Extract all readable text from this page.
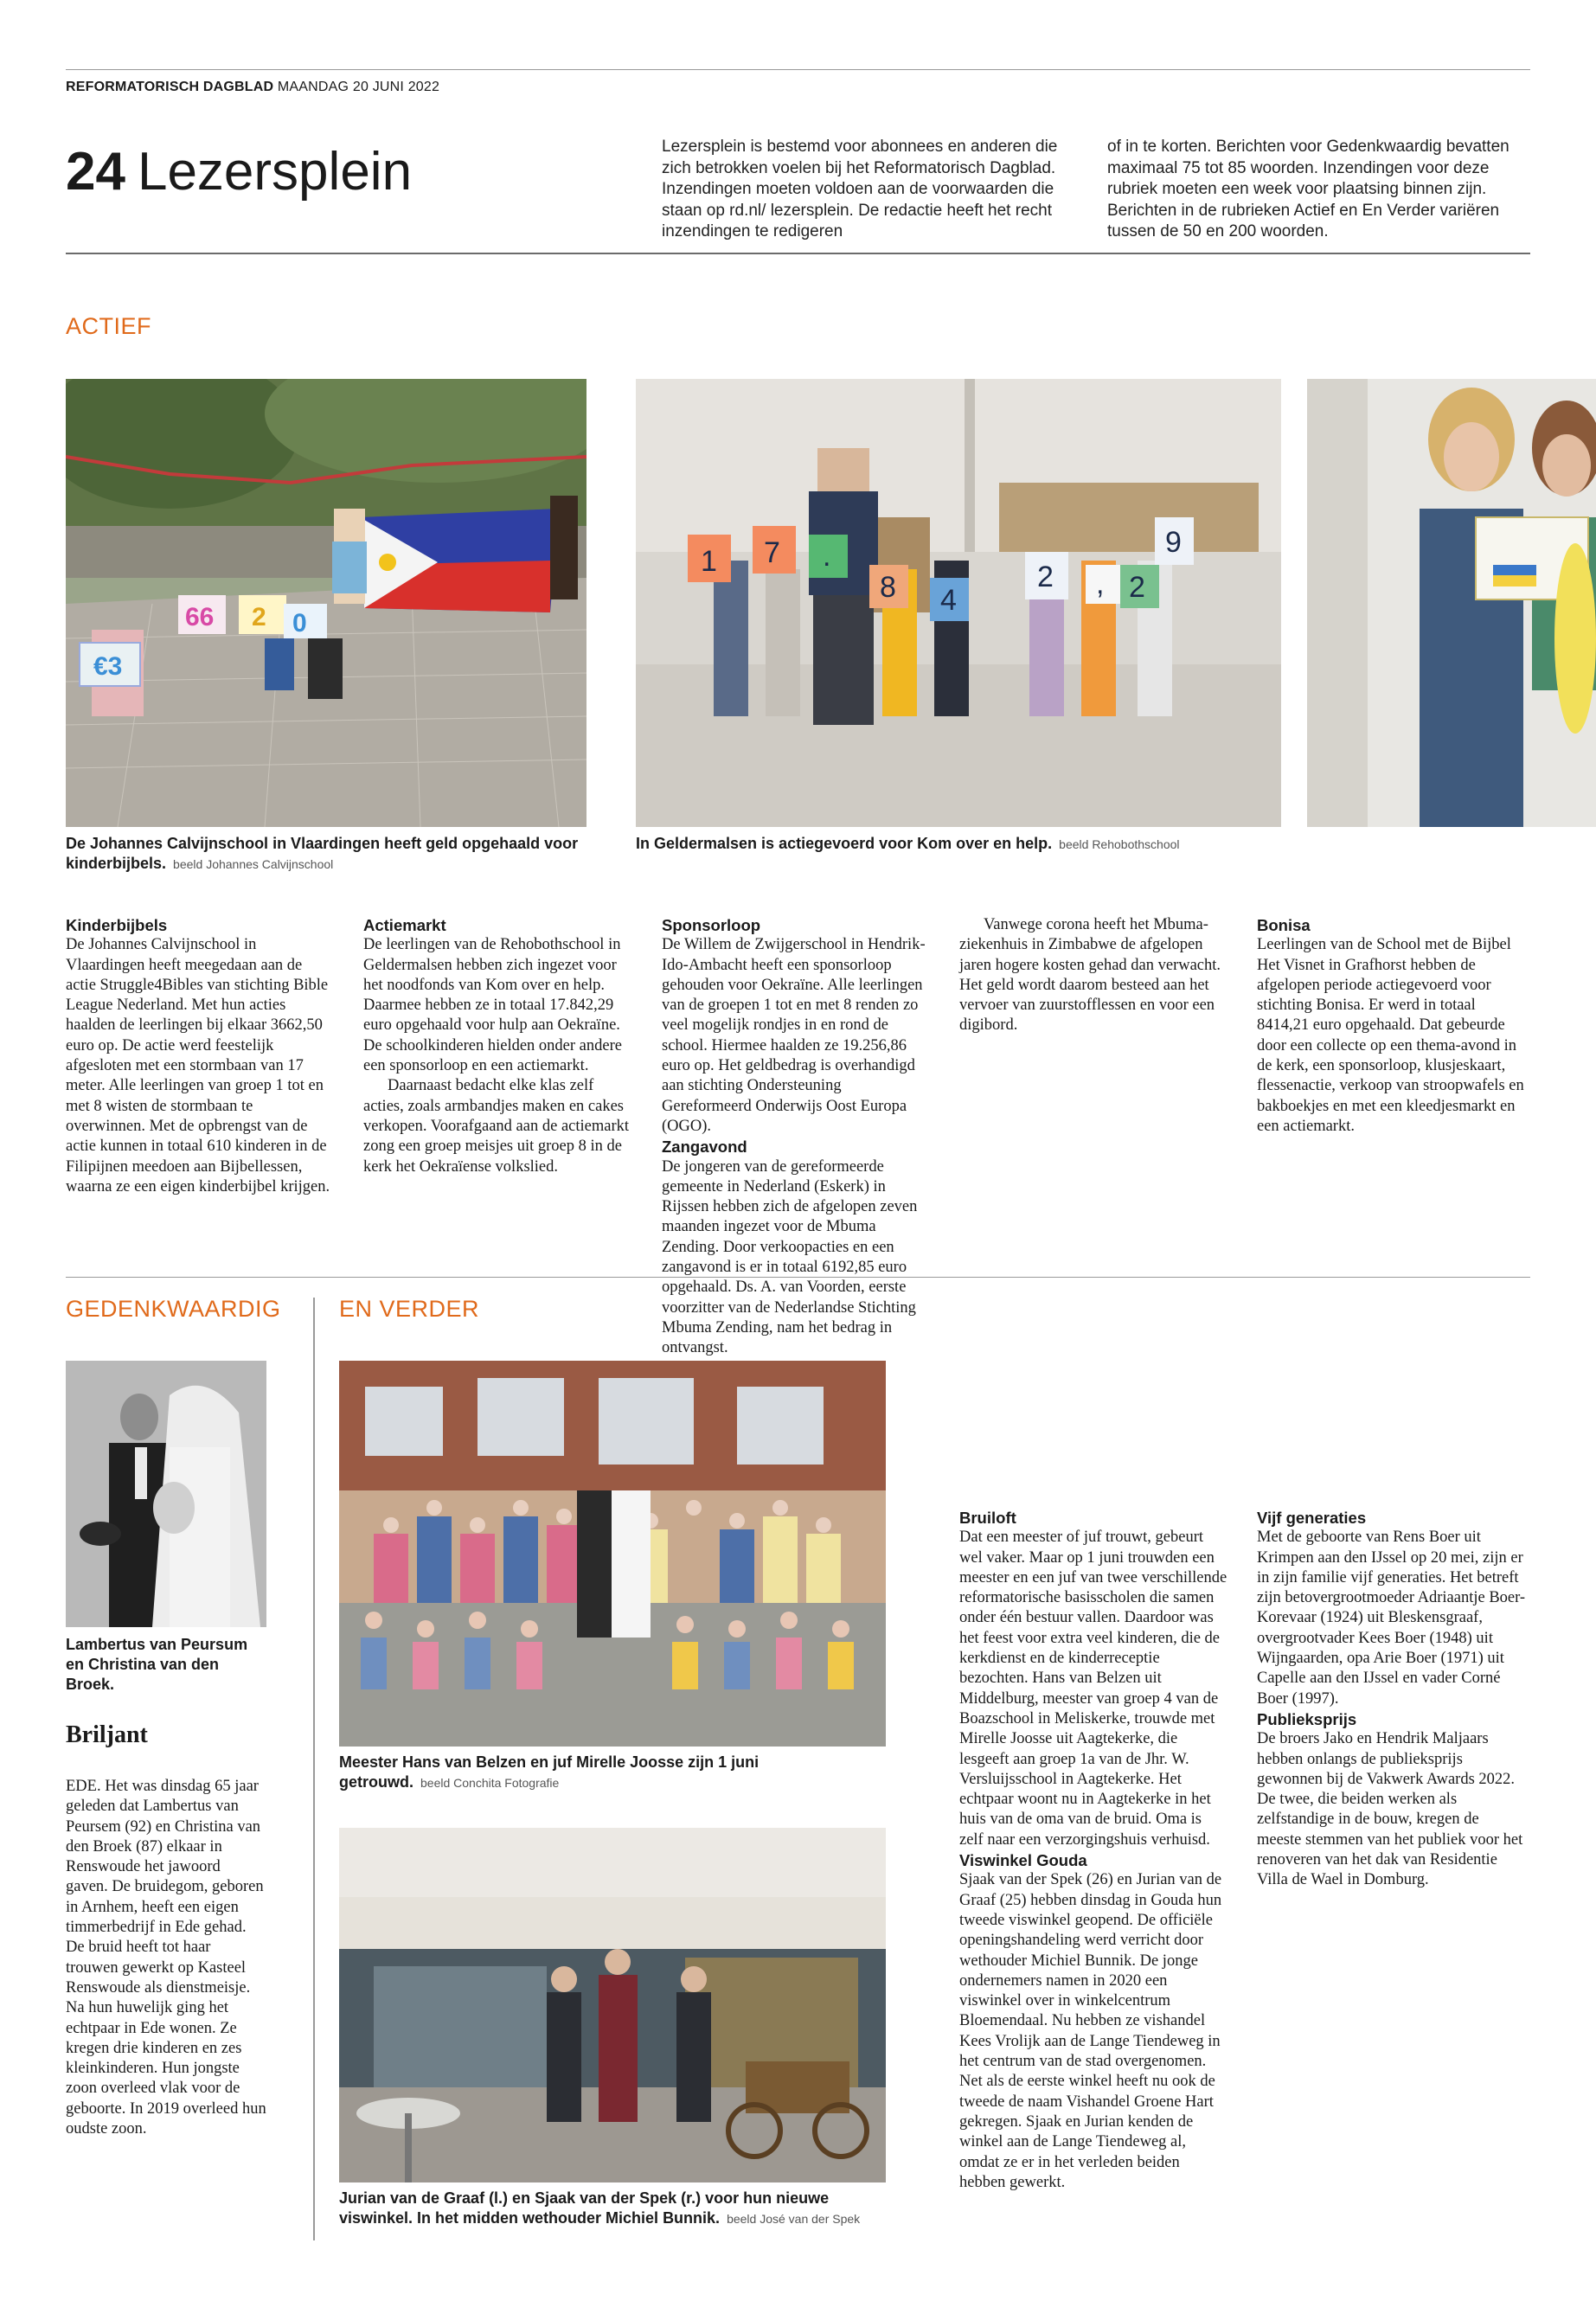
REFORMATORISCH DAGBLAD MAANDAG 20 JUNI 2022
24 Lezersplein	Lezersplein is bestemd voor abonnees en anderen die zich betrokken voelen bij het Reformatorisch Dagblad. Inzendingen moeten voldoen aan de voorwaarden die staan op rd.nl/ lezersplein. De redactie heeft het recht inzendingen te redigeren
of in te korten. Berichten voor Gedenkwaardig bevatten maximaal 75 tot 85 woorden. Inzendingen voor deze rubriek moeten een week voor plaatsing binnen zijn. Berichten in de rubrieken Actief en En Verder variëren tussen de 50 en 200 woorden.
ACTIEF
€3
66 2 0
De Johannes Calvijnschool in Vlaardingen heeft geld opgehaald voor kinderbijbels. beeld Johannes Calvijnschool
1 7 .
8 4
2 , 2
9
In Geldermalsen is actiegevoerd voor Kom over en help. beeld Rehobothschool

Kinderbijbels

De Johannes Calvijnschool in Vlaardingen heeft meegedaan aan de actie Struggle4Bibles van stichting Bible League Nederland. Met hun acties haalden de leerlingen bij elkaar 3662,50 euro op. De actie werd feestelijk afgesloten met een stormbaan van 17 meter. Alle leerlingen van groep 1 tot en met 8 wisten de stormbaan te overwinnen. Met de opbrengst van de actie kunnen in totaal 610 kinderen in de Filipijnen meedoen aan Bijbellessen, waarna ze een eigen kinderbijbel krijgen.

Actiemarkt

De leerlingen van de Rehobothschool in Geldermalsen hebben zich ingezet voor het noodfonds van Kom over en help. Daarmee hebben ze in totaal 17.842,29 euro opgehaald voor hulp aan Oekraïne. De schoolkinderen hielden onder andere een sponsorloop en een actiemarkt.

Daarnaast bedacht elke klas zelf acties, zoals armbandjes maken en cakes verkopen. Voorafgaand aan de actiemarkt zong een groep meisjes uit groep 8 in de kerk het Oekraïense volkslied.

Sponsorloop

De Willem de Zwijgerschool in Hendrik-Ido-Ambacht heeft een sponsorloop gehouden voor Oekraïne. Alle leerlingen van de groepen 1 tot en met 8 renden zo veel mogelijk rondjes in en rond de school. Hiermee haalden ze 19.256,86 euro op. Het geldbedrag is overhandigd aan stichting Ondersteuning Gereformeerd Onderwijs Oost Europa (OGO).

Zangavond

De jongeren van de gereformeerde gemeente in Nederland (Eskerk) in Rijssen hebben zich de afgelopen zeven maanden ingezet voor de Mbuma Zending. Door verkoopacties en een zangavond is er in totaal 6192,85 euro opgehaald. Ds. A. van Voorden, eerste voorzitter van de Nederlandse Stichting Mbuma Zending, nam het bedrag in ontvangst.

Vanwege corona heeft het Mbuma-ziekenhuis in Zimbabwe de afgelopen jaren hogere kosten gehad dan verwacht. Het geld wordt daarom besteed aan het vervoer van zuurstofflessen en voor een digibord.

Bonisa

Leerlingen van de School met de Bijbel Het Visnet in Grafhorst hebben de afgelopen periode actiegevoerd voor stichting Bonisa. Er werd in totaal 8414,21 euro opgehaald. Dat gebeurde door een collecte op een thema-avond in de kerk, een sponsorloop, klusjeskaart, flessenactie, verkoop van stroopwafels en bakboekjes en met een kleedjesmarkt en een actiemarkt.

GEDENKWAARDIG
Lambertus van Peursum en Christina van den Broek.
Briljant
EDE. Het was dinsdag 65 jaar geleden dat Lambertus van Peursem (92) en Christina van den Broek (87) elkaar in Renswoude het jawoord gaven. De bruidegom, geboren in Arnhem, heeft een eigen timmerbedrijf in Ede gehad. De bruid heeft tot haar trouwen gewerkt op Kasteel Renswoude als dienstmeisje. Na hun huwelijk ging het echtpaar in Ede wonen. Ze kregen drie kinderen en zes kleinkinderen. Hun jongste zoon overleed vlak voor de geboorte. In 2019 overleed hun oudste zoon.
EN VERDER
Meester Hans van Belzen en juf Mirelle Joosse zijn 1 juni getrouwd. beeld Conchita Fotografie
Jurian van de Graaf (l.) en Sjaak van der Spek (r.) voor hun nieuwe viswinkel. In het midden wethouder Michiel Bunnik. beeld José van der Spek

Bruiloft

Dat een meester of juf trouwt, gebeurt wel vaker. Maar op 1 juni trouwden een meester en een juf van twee verschillende reformatorische basisscholen die samen onder één bestuur vallen. Daardoor was het feest voor extra veel kinderen, die de kerkdienst en de kinderreceptie bezochten. Hans van Belzen uit Middelburg, meester van groep 4 van de Boazschool in Meliskerke, trouwde met Mirelle Joosse uit Aagtekerke, die lesgeeft aan groep 1a van de Jhr. W. Versluijsschool in Aagtekerke. Het echtpaar woont nu in Aagtekerke in het huis van de oma van de bruid. Oma is zelf naar een verzorgingshuis verhuisd.

Viswinkel Gouda

Sjaak van der Spek (26) en Jurian van de Graaf (25) hebben dinsdag in Gouda hun tweede viswinkel geopend. De officiële openingshandeling werd verricht door wethouder Michiel Bunnik. De jonge ondernemers namen in 2020 een viswinkel over in winkelcentrum Bloemendaal. Nu hebben ze vishandel Kees Vrolijk aan de Lange Tiendeweg in het centrum van de stad overgenomen. Net als de eerste winkel heeft nu ook de tweede de naam Vishandel Groene Hart gekregen. Sjaak en Jurian kenden de winkel aan de Lange Tiendeweg al, omdat ze er in het verleden beiden hebben gewerkt.

Vijf generaties

Met de geboorte van Rens Boer uit Krimpen aan den IJssel op 20 mei, zijn er in zijn familie vijf generaties. Het betreft zijn betovergrootmoeder Adriaantje Boer-Korevaar (1924) uit Bleskensgraaf, overgrootvader Kees Boer (1948) uit Wijngaarden, opa Arie Boer (1971) uit Capelle aan den IJssel en vader Corné Boer (1997).

Publieksprijs

De broers Jako en Hendrik Maljaars hebben onlangs de publieksprijs gewonnen bij de Vakwerk Awards 2022. De twee, die beiden werken als zelfstandige in de bouw, kregen de meeste stemmen van het publiek voor het renoveren van het dak van Residentie Villa de Wael in Domburg.
